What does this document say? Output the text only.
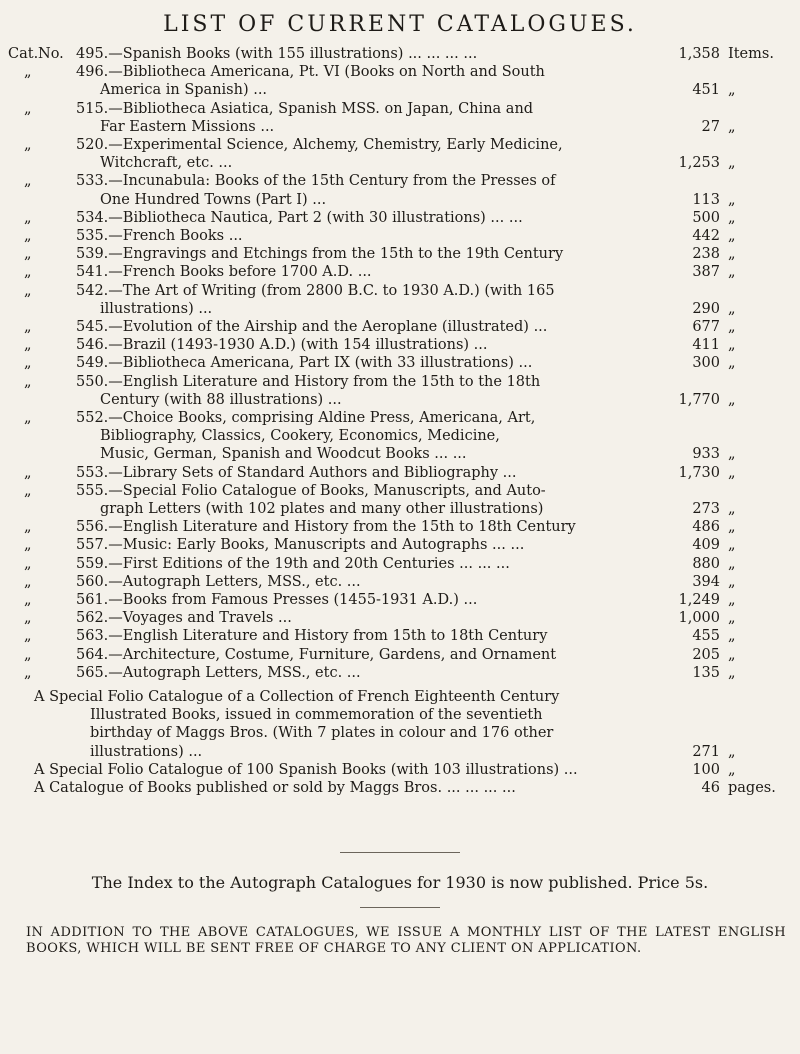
LIST OF CURRENT CATALOGUES.
Cat. No. 495.—Spanish Books (with 155 illustrations) ... ... ... ...	1,358 Items.
„	496.—Bibliotheca Americana, Pt. VI (Books on North and South
America in Spanish) ...	451 „
„	515.—Bibliotheca Asiatica, Spanish MSS. on Japan, China and
Far Eastern Missions ...	27 „
„	520.—Experimental Science, Alchemy, Chemistry, Early Medicine,
Witchcraft, etc. ...	1,253 „
„	533.—Incunabula: Books of the 15th Century from the Presses of
One Hundred Towns (Part I) ...	113 „
„	534.—Bibliotheca Nautica, Part 2 (with 30 illustrations) ... ...	500 „
„	535.—French Books ...	442 „
„	539.—Engravings and Etchings from the 15th to the 19th Century	238 „
„	541.—French Books before 1700 A.D. ...	387 „
„	542.—The Art of Writing (from 2800 B.C. to 1930 A.D.) (with 165
illustrations) ...	290 „
„	545.—Evolution of the Airship and the Aeroplane (illustrated) ...	677 „
„	546.—Brazil (1493-1930 A.D.) (with 154 illustrations) ...	411 „
„	549.—Bibliotheca Americana, Part IX (with 33 illustrations) ...	300 „
„	550.—English Literature and History from the 15th to the 18th
Century (with 88 illustrations) ...	1,770 „
„	552.—Choice Books, comprising Aldine Press, Americana, Art,
Bibliography, Classics, Cookery, Economics, Medicine,
Music, German, Spanish and Woodcut Books ... ...	933 „
„	553.—Library Sets of Standard Authors and Bibliography ...	1,730 „
„	555.—Special Folio Catalogue of Books, Manuscripts, and Auto-
graph Letters (with 102 plates and many other illustrations)	273 „
„	556.—English Literature and History from the 15th to 18th Century	486 „
„	557.—Music: Early Books, Manuscripts and Autographs ... ...	409 „
„	559.—First Editions of the 19th and 20th Centuries ... ... ...	880 „
„	560.—Autograph Letters, MSS., etc. ...	394 „
„	561.—Books from Famous Presses (1455-1931 A.D.) ...	1,249 „
„	562.—Voyages and Travels ...	1,000 „
„	563.—English Literature and History from 15th to 18th Century	455 „
„	564.—Architecture, Costume, Furniture, Gardens, and Ornament	205 „
„	565.—Autograph Letters, MSS., etc. ...	135 „
A Special Folio Catalogue of a Collection of French Eighteenth Century
Illustrated Books, issued in commemoration of the seventieth
birthday of Maggs Bros. (With 7 plates in colour and 176 other
illustrations) ...	271 „
A Special Folio Catalogue of 100 Spanish Books (with 103 illustrations) ...	100 „
A Catalogue of Books published or sold by Maggs Bros. ... ... ... ...	46 pages.
The Index to the Autograph Catalogues for 1930 is now published. Price 5s.
IN ADDITION TO THE ABOVE CATALOGUES, WE ISSUE A MONTHLY LIST OF THE LATEST ENGLISH BOOKS, WHICH WILL BE SENT FREE OF CHARGE TO ANY CLIENT ON APPLICATION.
